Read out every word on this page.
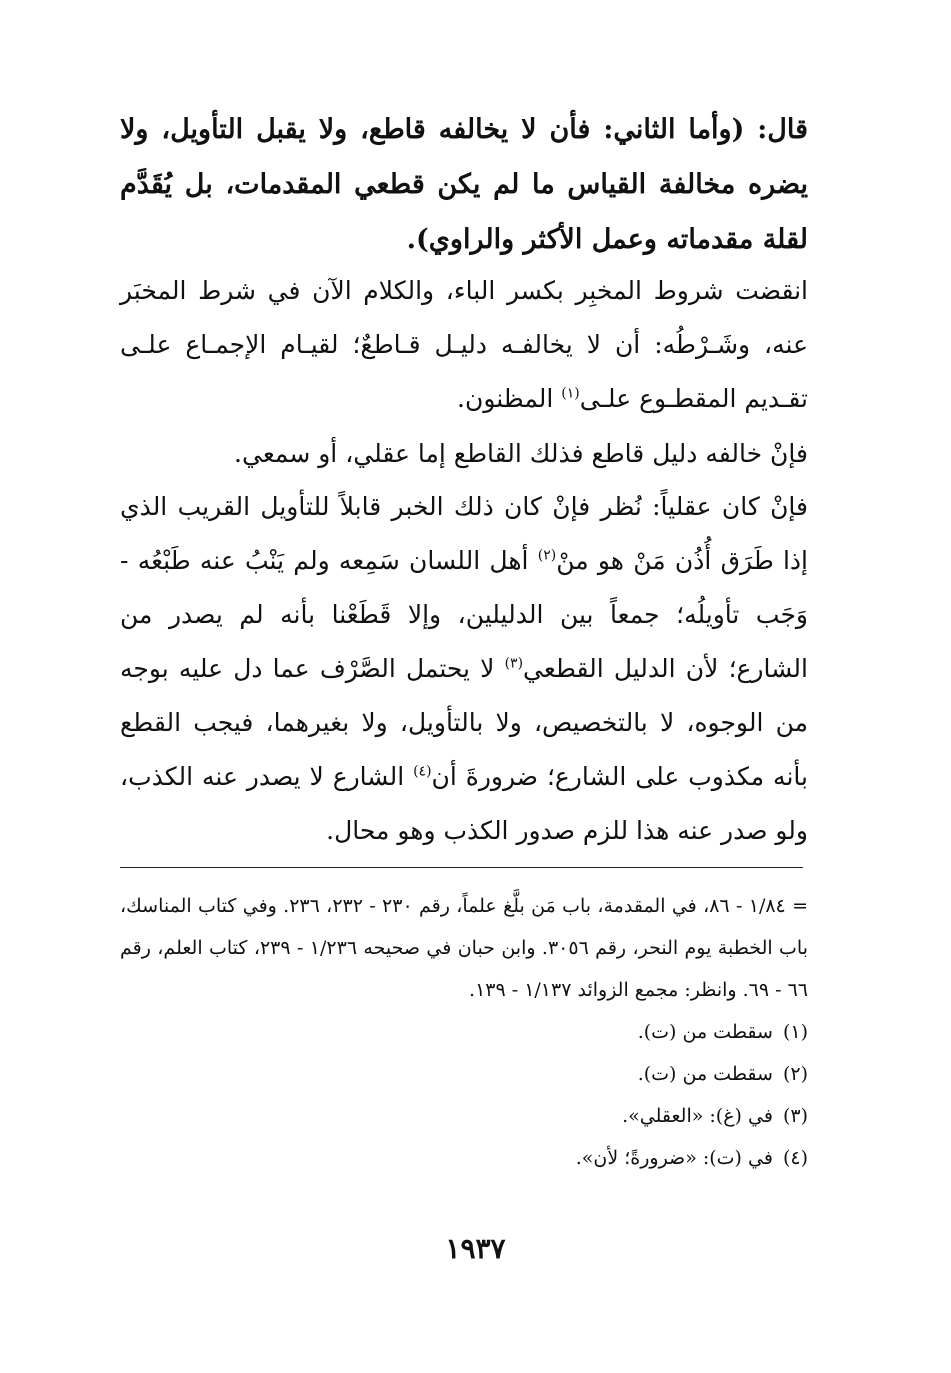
قال: (وأما الثاني: فأن لا يخالفه قاطع، ولا يقبل التأويل، ولا يضره مخالفة القياس ما لم يكن قطعي المقدمات، بل يُقَدَّم لقلة مقدماته وعمل الأكثر والراوي).

انقضت شروط المخبِر بكسر الباء، والكلام الآن في شرط المخبَر عنه، وشَـرْطُه: أن لا يخالفـه دليـل قـاطعٌ؛ لقيـام الإجمـاع علـى تقـديم المقطـوع علـى$^{(١)}$ المظنون.

فإنْ خالفه دليل قاطع فذلك القاطع إما عقلي، أو سمعي.

فإنْ كان عقلياً: نُظر فإنْ كان ذلك الخبر قابلاً للتأويل القريب الذي إذا طَرَق أُذُن مَنْ هو منْ$^{(٢)}$ أهل اللسان سَمِعه ولم يَنْبُ عنه طَبْعُه - وَجَب تأويلُه؛ جمعاً بين الدليلين، وإلا قَطَعْنا بأنه لم يصدر من الشارع؛ لأن الدليل القطعي$^{(٣)}$ لا يحتمل الصَّرْف عما دل عليه بوجه من الوجوه، لا بالتخصيص، ولا بالتأويل، ولا بغيرهما، فيجب القطع بأنه مكذوب على الشارع؛ ضرورةَ أن$^{(٤)}$ الشارع لا يصدر عنه الكذب، ولو صدر عنه هذا للزم صدور الكذب وهو محال.

= ١/٨٤ - ٨٦، في المقدمة، باب مَن بلَّغ علماً، رقم ٢٣٠ - ٢٣٢، ٢٣٦. وفي كتاب المناسك، باب الخطبة يوم النحر، رقم ٣٠٥٦. وابن حبان في صحيحه ١/٢٣٦ - ٢٣٩، كتاب العلم، رقم ٦٦ - ٦٩. وانظر: مجمع الزوائد ١/١٣٧ - ١٣٩.

(١)سقطت من (ت).

(٢)سقطت من (ت).

(٣)في (غ): «العقلي».

(٤)في (ت): «ضرورةً؛ لأن».

١٩٣٧
